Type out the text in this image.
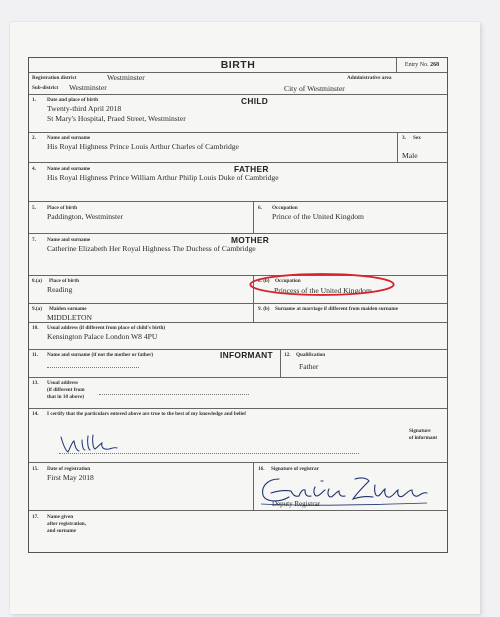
BIRTH	Entry No. 268
Registration district	Westminster	Administrative area
Sub-district Westminster	City of Westminster
1. Date and place of birth	CHILD
Twenty-third April 2018
St Mary's Hospital, Praed Street, Westminster
2. Name and surname
His Royal Highness Prince Louis Arthur Charles of Cambridge
3. Sex
Male
4. Name and surname	FATHER
His Royal Highness Prince William Arthur Philip Louis Duke of Cambridge
5. Place of birth
Paddington, Westminster
6. Occupation
Prince of the United Kingdom
7. Name and surname	MOTHER
Catherine Elizabeth Her Royal Highness The Duchess of Cambridge
8.(a) Place of birth
Reading
8. (b) Occupation
Princess of the United Kingdom
9.(a) Maiden surname
MIDDLETON
9. (b) Surname at marriage if different from maiden surname
10. Usual address (if different from place of child's birth)
Kensington Palace London W8 4PU
11. Name and surname (if not the mother or father)	INFORMANT 12. Qualification
Father
13. Usual address
(if different from
that in 10 above)
14. I certify that the particulars entered above are true to the best of my knowledge and belief
Signature
of informant
15. Date of registration
First May 2018
16. Signature of registrar
Deputy Registrar
17. Name given
after registration,
and surname
